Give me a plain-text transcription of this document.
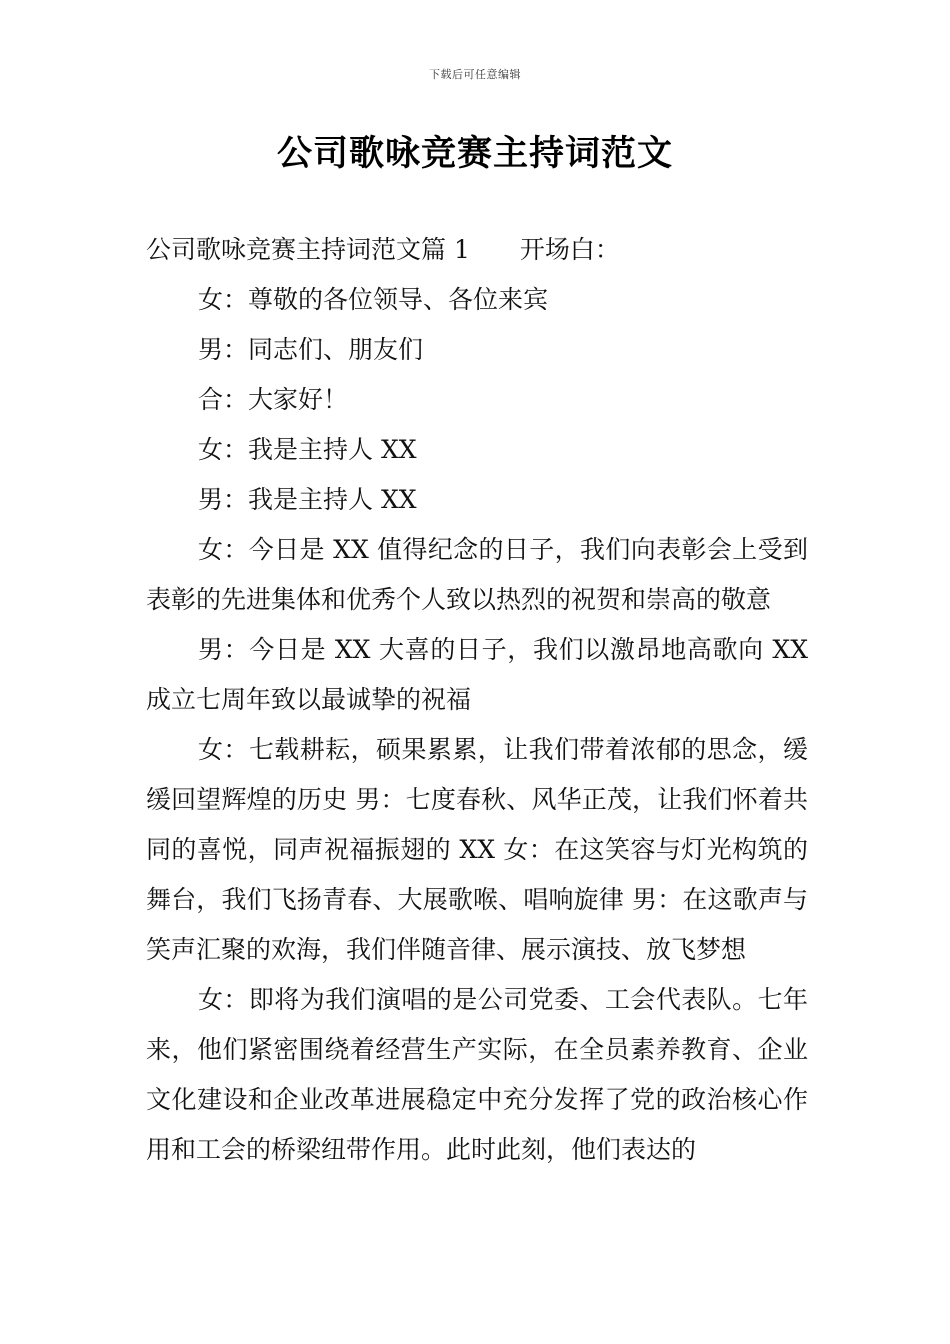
下载后可任意编辑
公司歌咏竞赛主持词范文

公司歌咏竞赛主持词范文篇 1 开场白：

女：尊敬的各位领导、各位来宾

男：同志们、朋友们

合：大家好！

女：我是主持人 XX

男：我是主持人 XX

女：今日是 XX 值得纪念的日子，我们向表彰会上受到表彰的先进集体和优秀个人致以热烈的祝贺和崇高的敬意

男：今日是 XX 大喜的日子，我们以激昂地高歌向 XX 成立七周年致以最诚挚的祝福

女：七载耕耘，硕果累累，让我们带着浓郁的思念，缓缓回望辉煌的历史 男：七度春秋、风华正茂，让我们怀着共同的喜悦，同声祝福振翅的 XX 女：在这笑容与灯光构筑的舞台，我们飞扬青春、大展歌喉、唱响旋律 男：在这歌声与笑声汇聚的欢海，我们伴随音律、展示演技、放飞梦想

女：即将为我们演唱的是公司党委、工会代表队。七年来，他们紧密围绕着经营生产实际，在全员素养教育、企业文化建设和企业改革进展稳定中充分发挥了党的政治核心作用和工会的桥梁纽带作用。此时此刻，他们表达的
